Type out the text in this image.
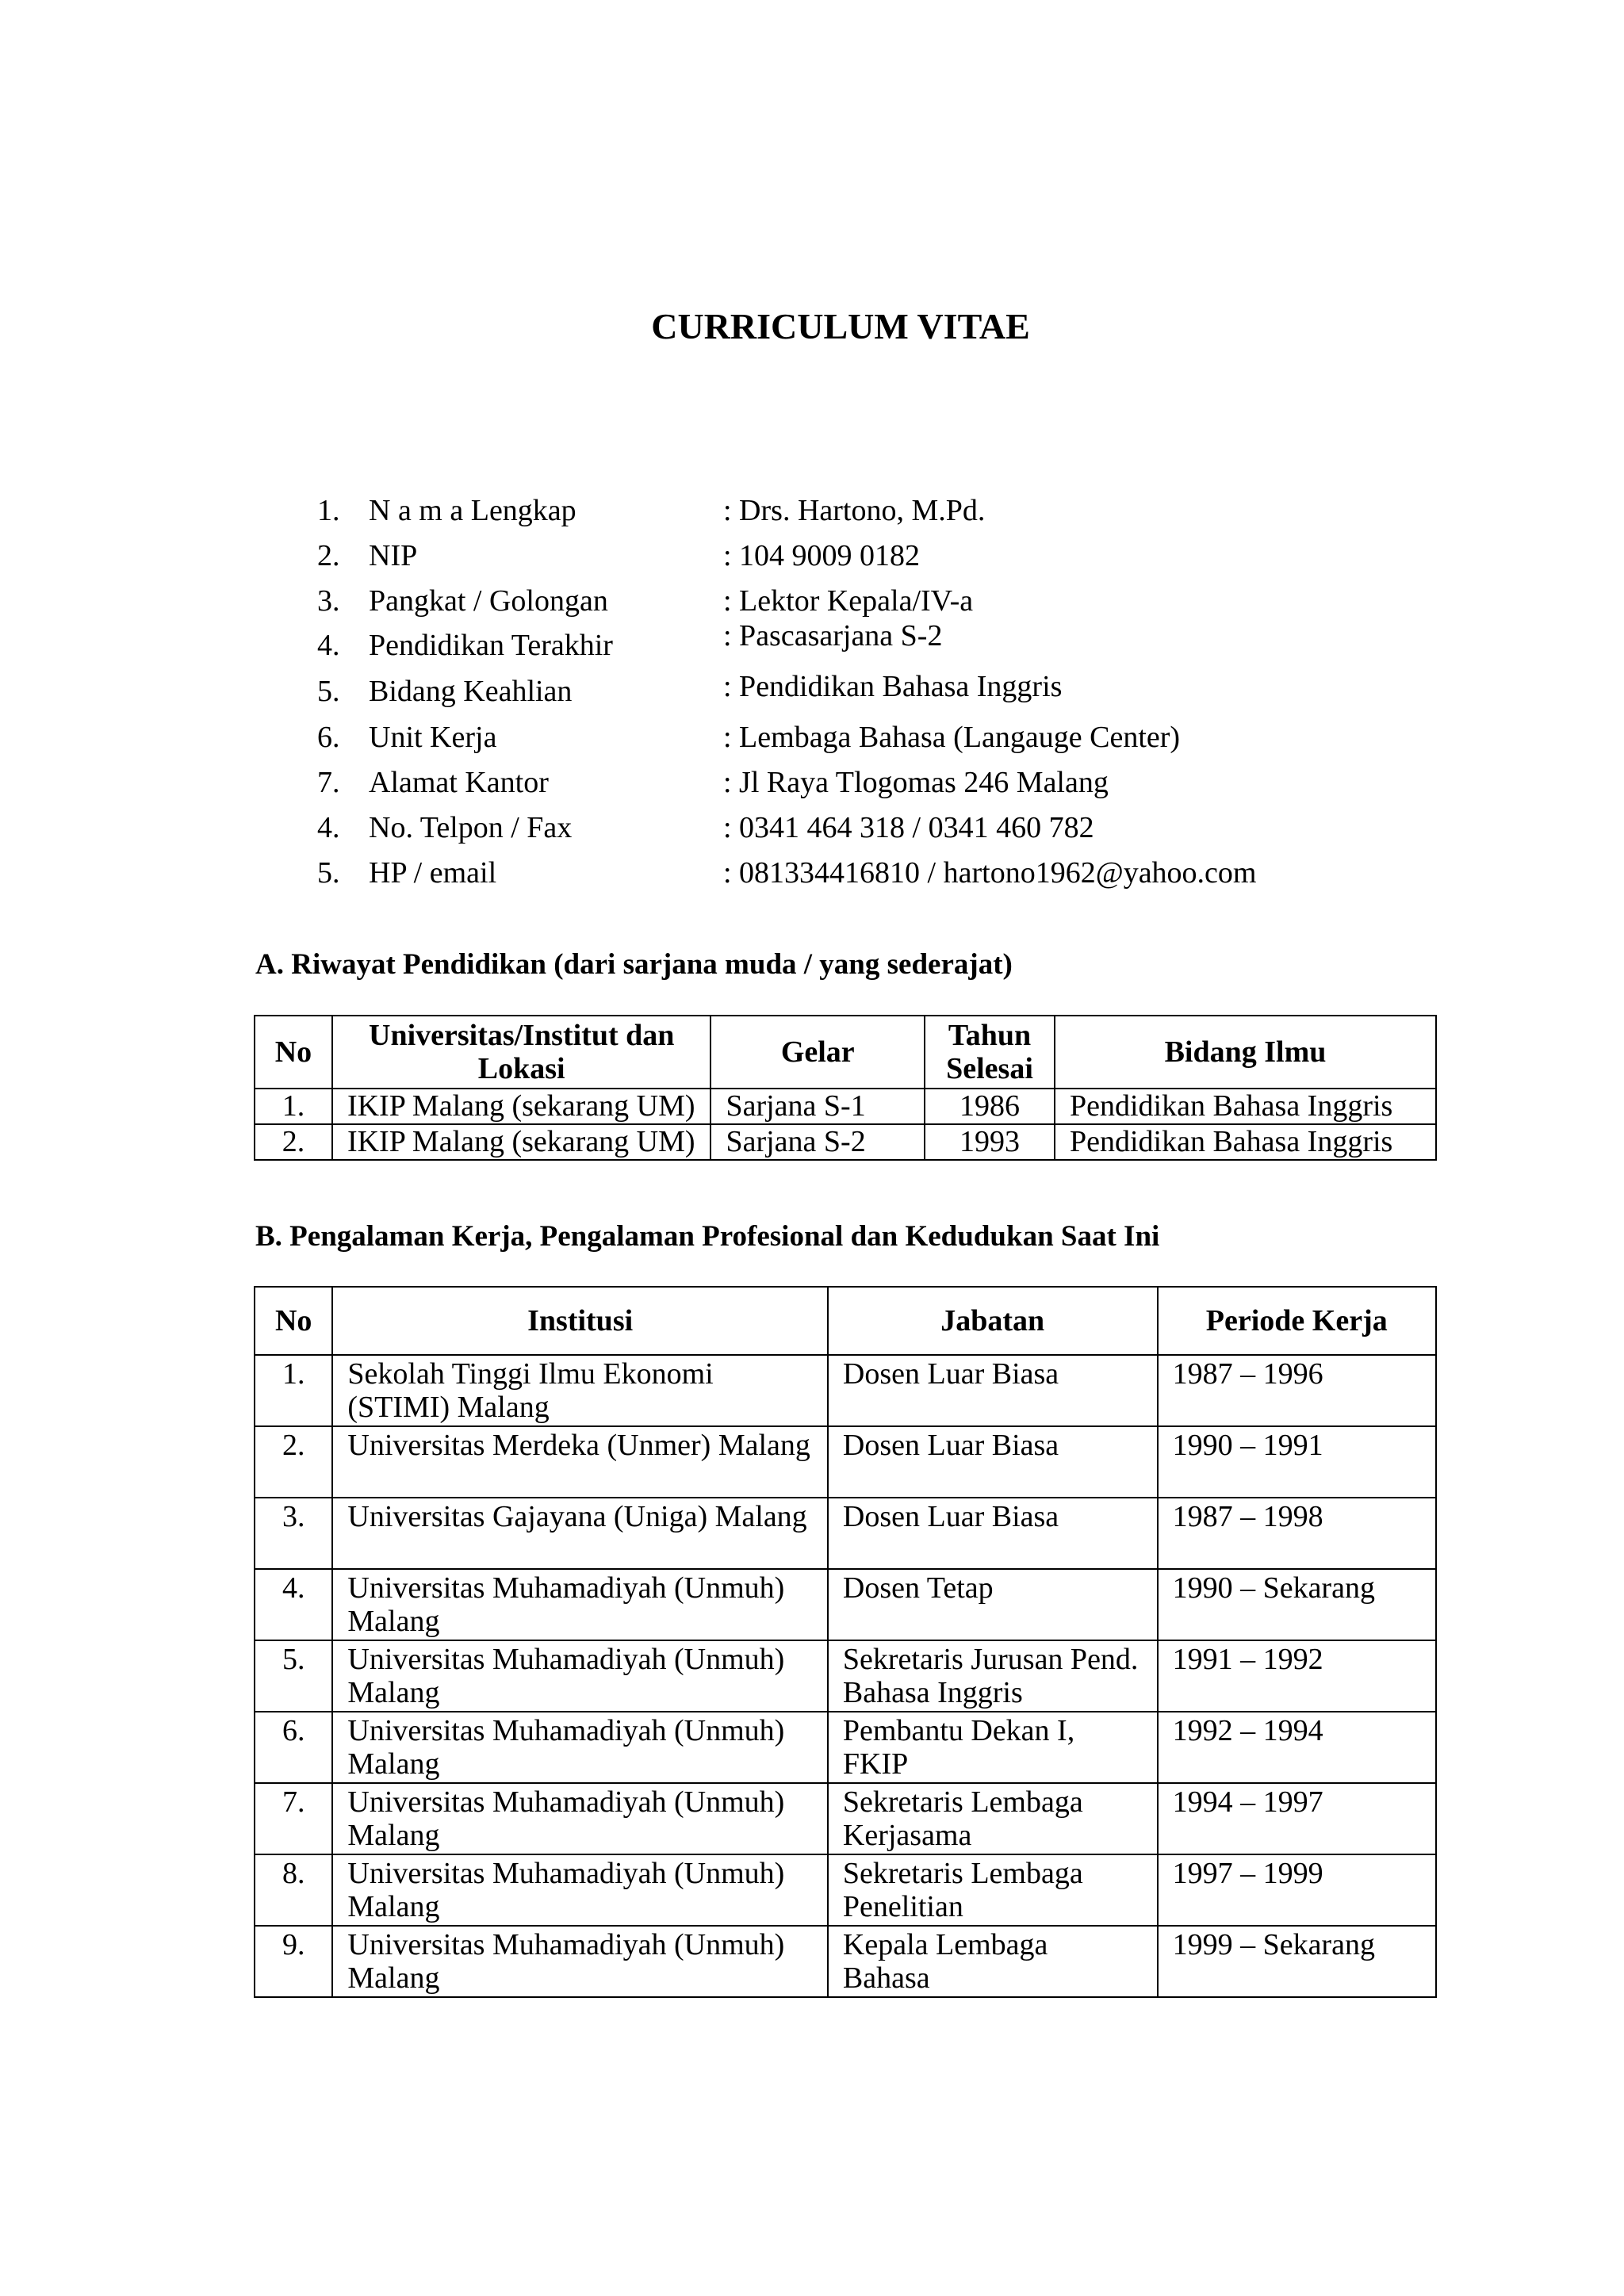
CURRICULUM VITAE
1. N a m a Lengkap	: Drs. Hartono, M.Pd.
2. NIP	: 104 9009 0182
3. Pangkat / Golongan	: Lektor Kepala/IV-a
4. Pendidikan Terakhir	: Pascasarjana S-2
5. Bidang Keahlian	: Pendidikan Bahasa Inggris
6. Unit Kerja	: Lembaga Bahasa (Langauge Center)
7. Alamat Kantor	: Jl Raya Tlogomas 246 Malang
4. No. Telpon / Fax	: 0341 464 318 / 0341 460 782
5. HP / email	: 081334416810 / hartono1962@yahoo.com
A. Riwayat Pendidikan (dari sarjana muda / yang sederajat)
No	Universitas/Institut dan Lokasi	Gelar	Tahun Selesai	Bidang Ilmu
1.	IKIP Malang (sekarang UM)	Sarjana S-1	1986	Pendidikan Bahasa Inggris
2.	IKIP Malang (sekarang UM)	Sarjana S-2	1993	Pendidikan Bahasa Inggris
B. Pengalaman Kerja, Pengalaman Profesional dan Kedudukan Saat Ini
No	Institusi	Jabatan	Periode Kerja
1.	Sekolah Tinggi Ilmu Ekonomi (STIMI) Malang	Dosen Luar Biasa	1987 – 1996
2.	Universitas Merdeka (Unmer) Malang	Dosen Luar Biasa	1990 – 1991
3.	Universitas Gajayana (Uniga) Malang	Dosen Luar Biasa	1987 – 1998
4.	Universitas Muhamadiyah (Unmuh) Malang	Dosen Tetap	1990 – Sekarang
5.	Universitas Muhamadiyah (Unmuh) Malang	Sekretaris Jurusan Pend. Bahasa Inggris	1991 – 1992
6.	Universitas Muhamadiyah (Unmuh) Malang	Pembantu Dekan I, FKIP	1992 – 1994
7.	Universitas Muhamadiyah (Unmuh) Malang	Sekretaris Lembaga Kerjasama	1994 – 1997
8.	Universitas Muhamadiyah (Unmuh) Malang	Sekretaris Lembaga Penelitian	1997 – 1999
9.	Universitas Muhamadiyah (Unmuh) Malang	Kepala Lembaga Bahasa	1999 – Sekarang
